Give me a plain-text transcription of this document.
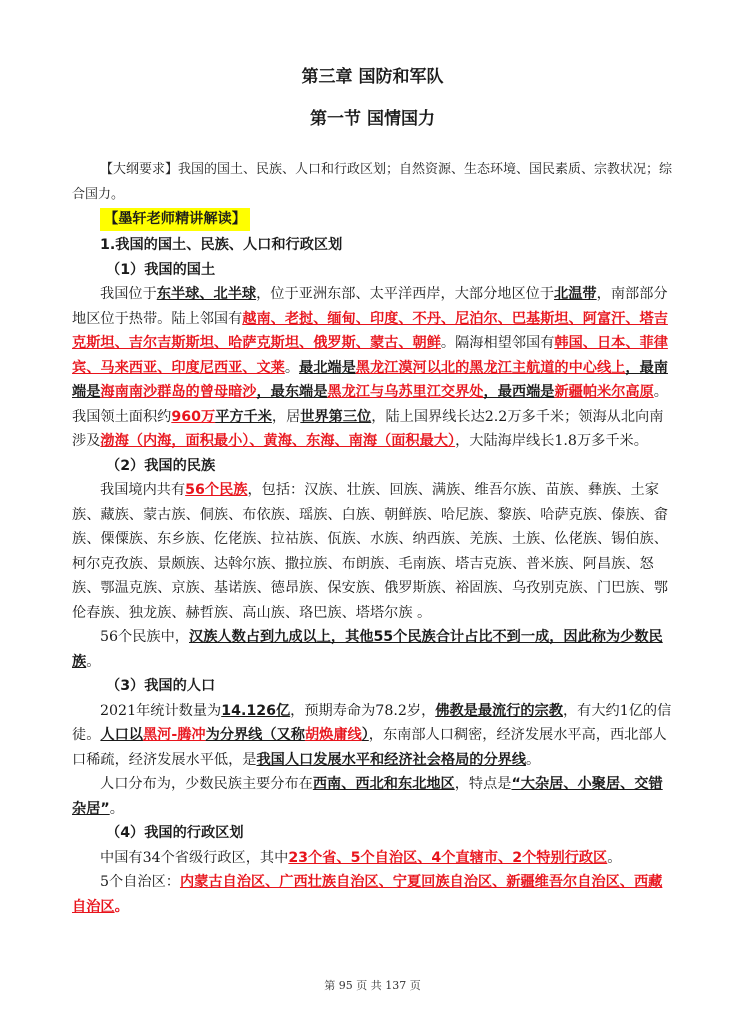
第三章 国防和军队
第一节 国情国力

【大纲要求】我国的国土、民族、人口和行政区划；自然资源、生态环境、国民素质、宗教状况；综合国力。

【墨轩老师精讲解读】

1.我国的国土、民族、人口和行政区划

（1）我国的国土

我国位于东半球、北半球，位于亚洲东部、太平洋西岸，大部分地区位于北温带，南部部分地区位于热带。陆上邻国有越南、老挝、缅甸、印度、不丹、尼泊尔、巴基斯坦、阿富汗、塔吉克斯坦、吉尔吉斯斯坦、哈萨克斯坦、俄罗斯、蒙古、朝鲜。隔海相望邻国有韩国、日本、菲律宾、马来西亚、印度尼西亚、文莱。最北端是黑龙江漠河以北的黑龙江主航道的中心线上，最南端是海南南沙群岛的曾母暗沙，最东端是黑龙江与乌苏里江交界处，最西端是新疆帕米尔高原。我国领土面积约960万平方千米，居世界第三位，陆上国界线长达2.2万多千米；领海从北向南涉及渤海（内海，面积最小）、黄海、东海、南海（面积最大），大陆海岸线长1.8万多千米。

（2）我国的民族

我国境内共有56个民族，包括：汉族、壮族、回族、满族、维吾尔族、苗族、彝族、土家族、藏族、蒙古族、侗族、布依族、瑶族、白族、朝鲜族、哈尼族、黎族、哈萨克族、傣族、畲族、傈僳族、东乡族、仡佬族、拉祜族、佤族、水族、纳西族、羌族、土族、仫佬族、锡伯族、柯尔克孜族、景颇族、达斡尔族、撒拉族、布朗族、毛南族、塔吉克族、普米族、阿昌族、怒族、鄂温克族、京族、基诺族、德昂族、保安族、俄罗斯族、裕固族、乌孜别克族、门巴族、鄂伦春族、独龙族、赫哲族、高山族、珞巴族、塔塔尔族 。

56个民族中，汉族人数占到九成以上，其他55个民族合计占比不到一成，因此称为少数民族。

（3）我国的人口

2021年统计数量为14.126亿，预期寿命为78.2岁，佛教是最流行的宗教，有大约1亿的信徒。人口以黑河-腾冲为分界线（又称胡焕庸线），东南部人口稠密，经济发展水平高，西北部人口稀疏，经济发展水平低，是我国人口发展水平和经济社会格局的分界线。

人口分布为，少数民族主要分布在西南、西北和东北地区，特点是“大杂居、小聚居、交错杂居”。

（4）我国的行政区划

中国有34个省级行政区，其中23个省、5个自治区、4个直辖市、2个特别行政区。

5个自治区：内蒙古自治区、广西壮族自治区、宁夏回族自治区、新疆维吾尔自治区、西藏自治区。

第 95 页 共 137 页
